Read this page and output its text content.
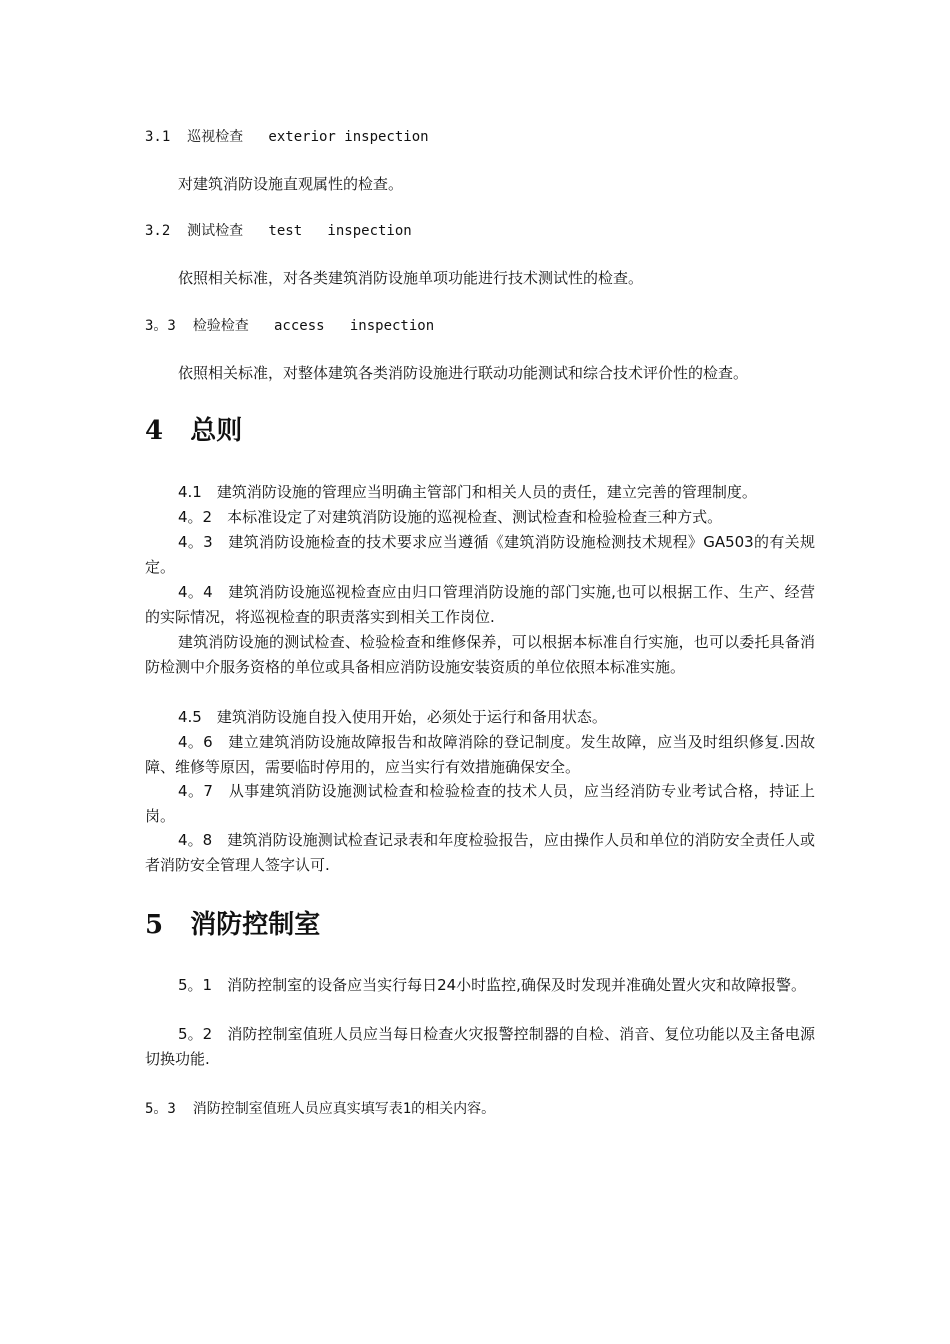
3.1  巡视检查   exterior inspection
对建筑消防设施直观属性的检查。
3.2  测试检查   test   inspection
依照相关标准，对各类建筑消防设施单项功能进行技术测试性的检查。
3。3  检验检查   access   inspection
依照相关标准，对整体建筑各类消防设施进行联动功能测试和综合技术评价性的检查。
4   总则

4.1　建筑消防设施的管理应当明确主管部门和相关人员的责任，建立完善的管理制度。

4。2　本标准设定了对建筑消防设施的巡视检查、测试检查和检验检查三种方式。

4。3　建筑消防设施检查的技术要求应当遵循《建筑消防设施检测技术规程》GA503的有关规定。

4。4　建筑消防设施巡视检查应由归口管理消防设施的部门实施,也可以根据工作、生产、经营的实际情况，将巡视检查的职责落实到相关工作岗位.

建筑消防设施的测试检查、检验检查和维修保养，可以根据本标准自行实施，也可以委托具备消防检测中介服务资格的单位或具备相应消防设施安装资质的单位依照本标准实施。

4.5　建筑消防设施自投入使用开始，必须处于运行和备用状态。

4。6　建立建筑消防设施故障报告和故障消除的登记制度。发生故障，应当及时组织修复.因故障、维修等原因，需要临时停用的，应当实行有效措施确保安全。

4。7　从事建筑消防设施测试检查和检验检查的技术人员，应当经消防专业考试合格，持证上岗。

4。8　建筑消防设施测试检查记录表和年度检验报告，应由操作人员和单位的消防安全责任人或者消防安全管理人签字认可.

5   消防控制室

5。1　消防控制室的设备应当实行每日24小时监控,确保及时发现并准确处置火灾和故障报警。

5。2　消防控制室值班人员应当每日检查火灾报警控制器的自检、消音、复位功能以及主备电源切换功能.

5。3  消防控制室值班人员应真实填写表1的相关内容。
